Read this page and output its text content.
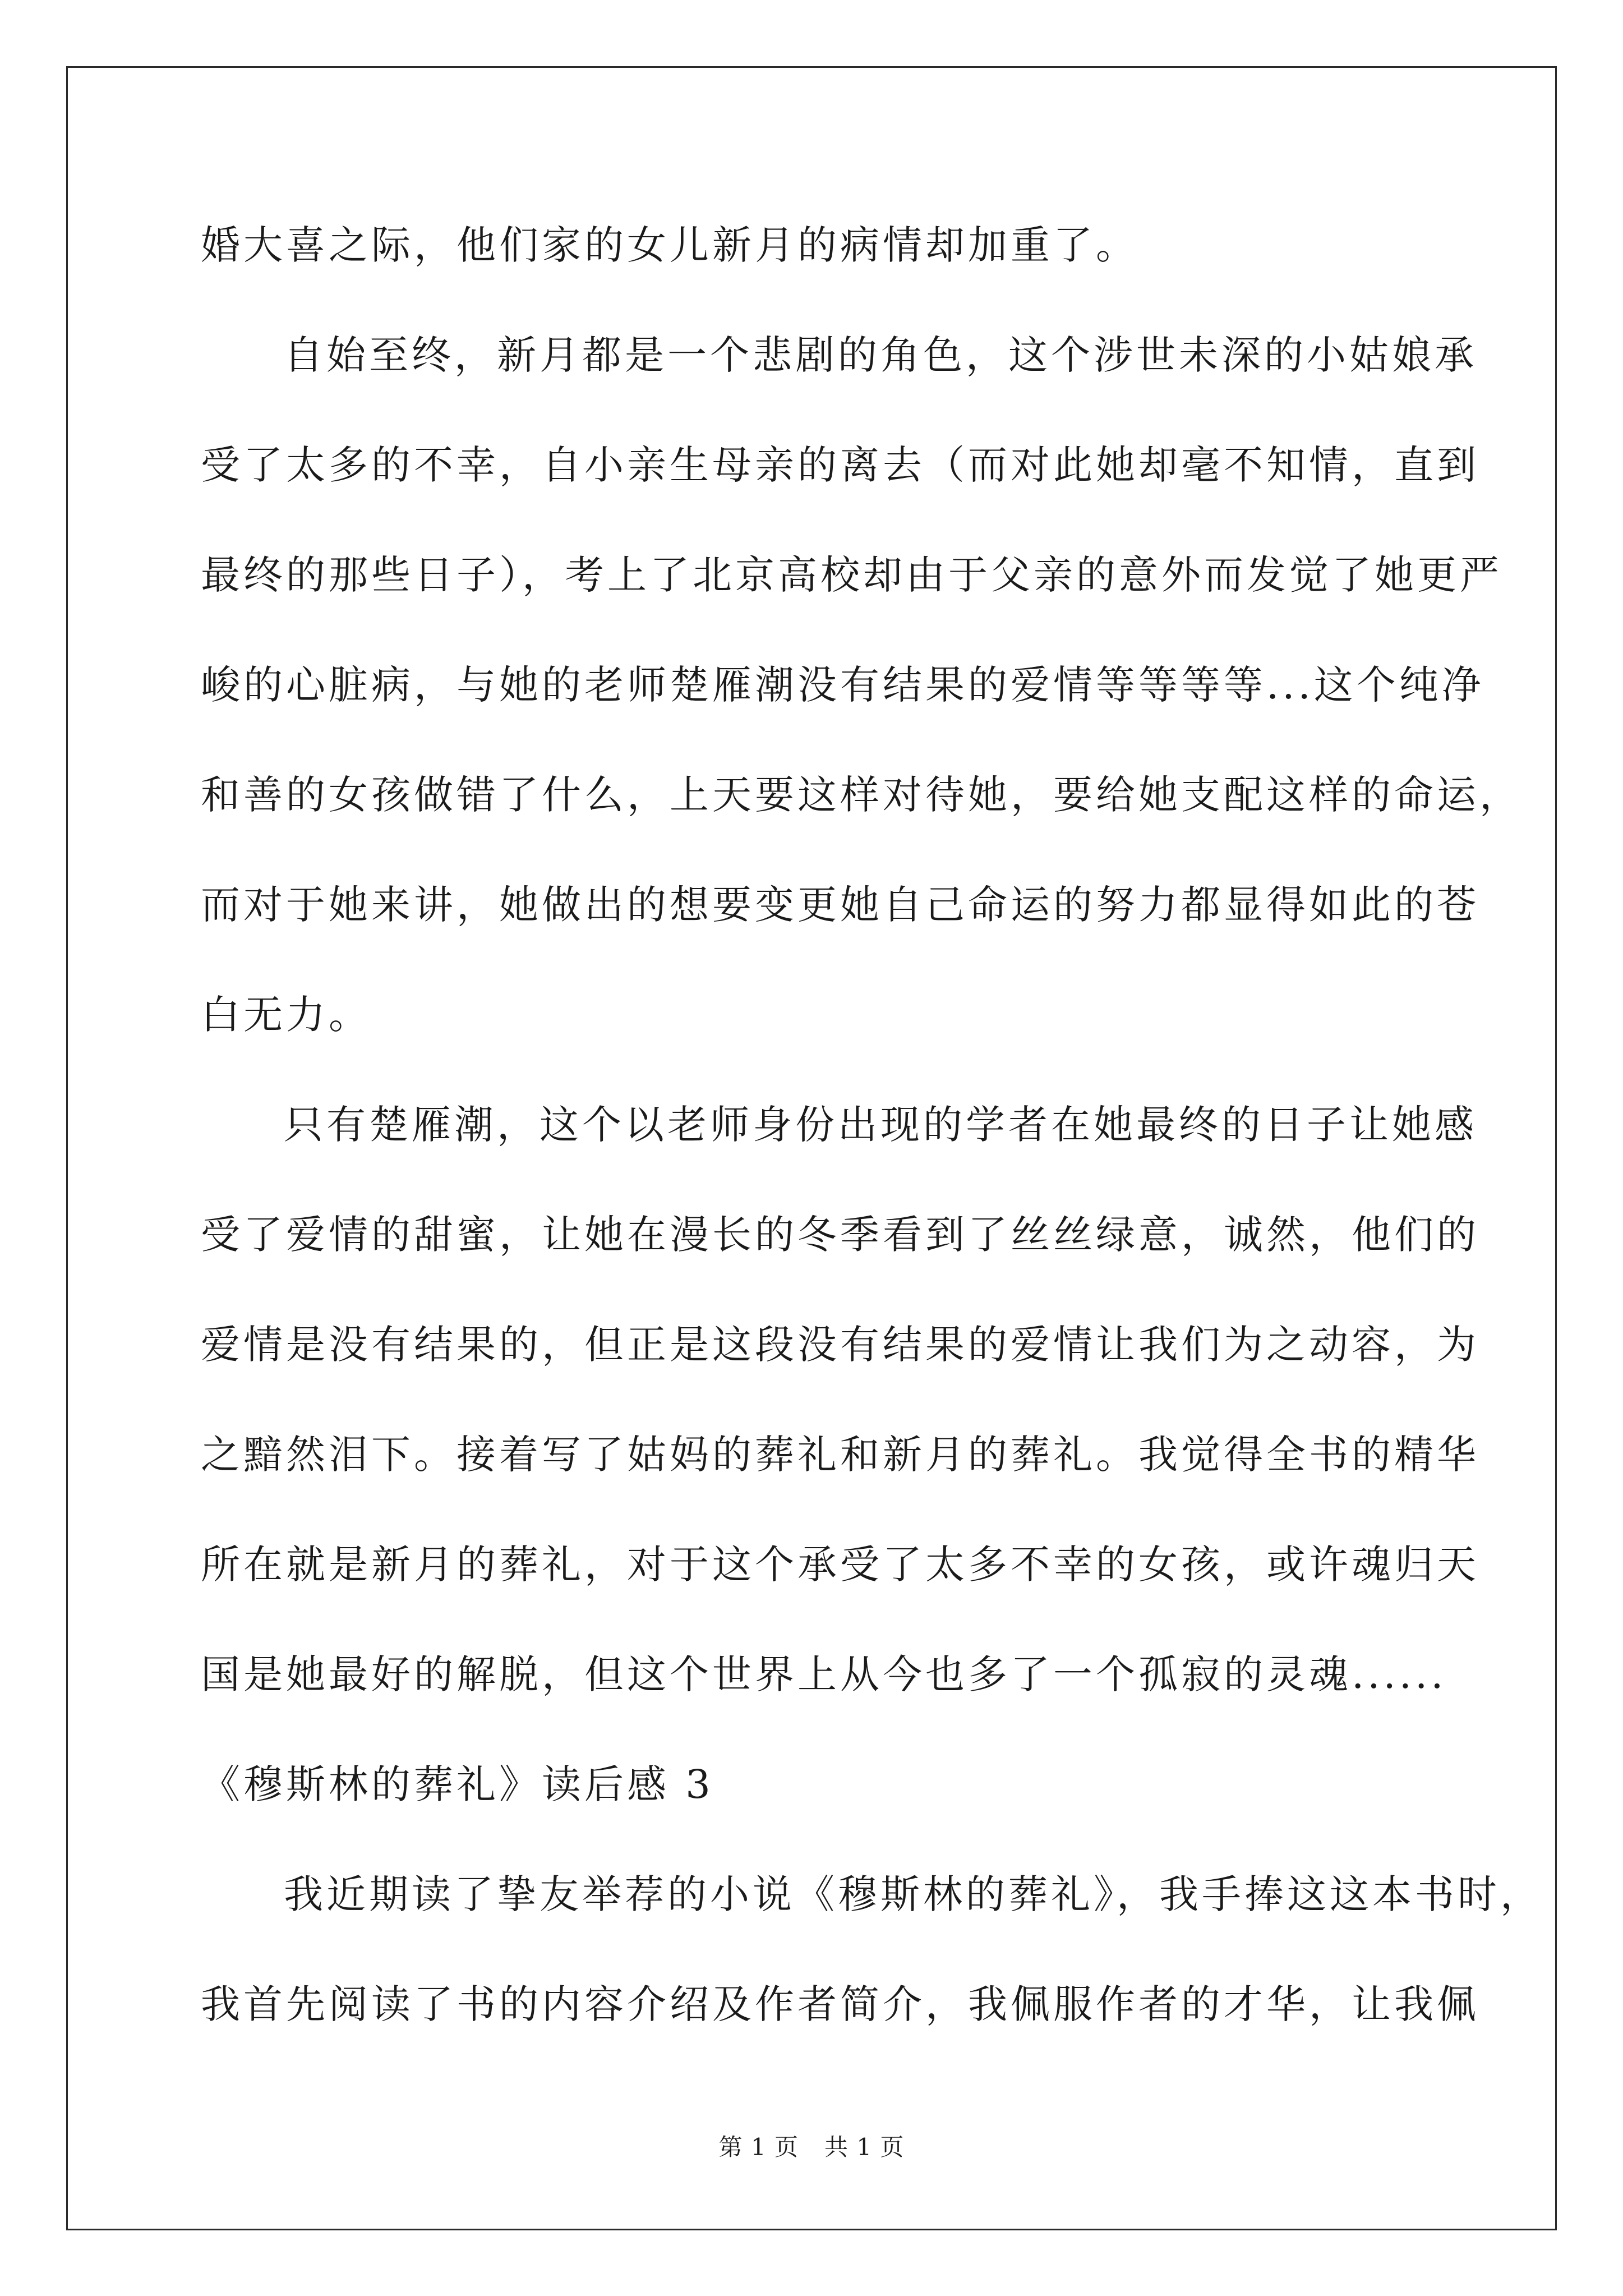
婚大喜之际，他们家的女儿新月的病情却加重了。

自始至终，新月都是一个悲剧的角色，这个涉世未深的小姑娘承

受了太多的不幸，自小亲生母亲的离去（而对此她却毫不知情，直到

最终的那些日子），考上了北京高校却由于父亲的意外而发觉了她更严

峻的心脏病，与她的老师楚雁潮没有结果的爱情等等等等...这个纯净

和善的女孩做错了什么，上天要这样对待她，要给她支配这样的命运，

而对于她来讲，她做出的想要变更她自己命运的努力都显得如此的苍

白无力。

只有楚雁潮，这个以老师身份出现的学者在她最终的日子让她感

受了爱情的甜蜜，让她在漫长的冬季看到了丝丝绿意，诚然，他们的

爱情是没有结果的，但正是这段没有结果的爱情让我们为之动容，为

之黯然泪下。接着写了姑妈的葬礼和新月的葬礼。我觉得全书的精华

所在就是新月的葬礼，对于这个承受了太多不幸的女孩，或许魂归天

国是她最好的解脱，但这个世界上从今也多了一个孤寂的灵魂......

《穆斯林的葬礼》读后感 3

我近期读了挚友举荐的小说《穆斯林的葬礼》，我手捧这这本书时，

我首先阅读了书的内容介绍及作者简介，我佩服作者的才华，让我佩

第 1 页 共 1 页
